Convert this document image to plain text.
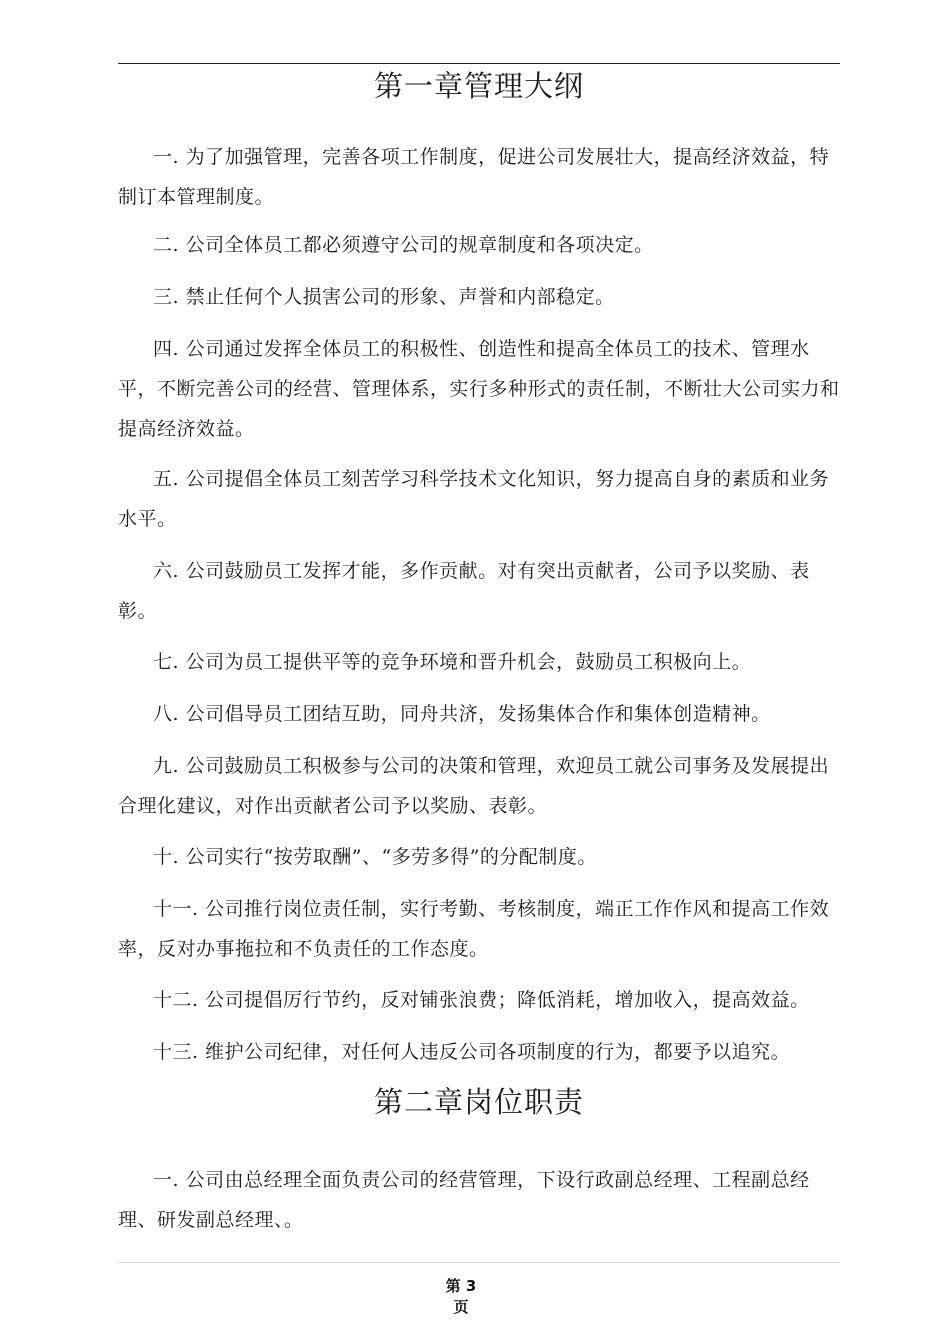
第一章管理大纲

一. 为了加强管理，完善各项工作制度，促进公司发展壮大，提高经济效益，特制订本管理制度。

二. 公司全体员工都必须遵守公司的规章制度和各项决定。

三. 禁止任何个人损害公司的形象、声誉和内部稳定。

四. 公司通过发挥全体员工的积极性、创造性和提高全体员工的技术、管理水平，不断完善公司的经营、管理体系，实行多种形式的责任制，不断壮大公司实力和提高经济效益。

五. 公司提倡全体员工刻苦学习科学技术文化知识，努力提高自身的素质和业务水平。

六. 公司鼓励员工发挥才能，多作贡献。对有突出贡献者，公司予以奖励、表彰。

七. 公司为员工提供平等的竞争环境和晋升机会，鼓励员工积极向上。

八. 公司倡导员工团结互助，同舟共济，发扬集体合作和集体创造精神。

九. 公司鼓励员工积极参与公司的决策和管理，欢迎员工就公司事务及发展提出合理化建议，对作出贡献者公司予以奖励、表彰。

十. 公司实行“按劳取酬”、“多劳多得”的分配制度。

十一. 公司推行岗位责任制，实行考勤、考核制度，端正工作作风和提高工作效率，反对办事拖拉和不负责任的工作态度。

十二. 公司提倡厉行节约，反对铺张浪费；降低消耗，增加收入，提高效益。

十三. 维护公司纪律，对任何人违反公司各项制度的行为，都要予以追究。

第二章岗位职责

一. 公司由总经理全面负责公司的经营管理，下设行政副总经理、工程副总经理、研发副总经理、。

第 3 页
